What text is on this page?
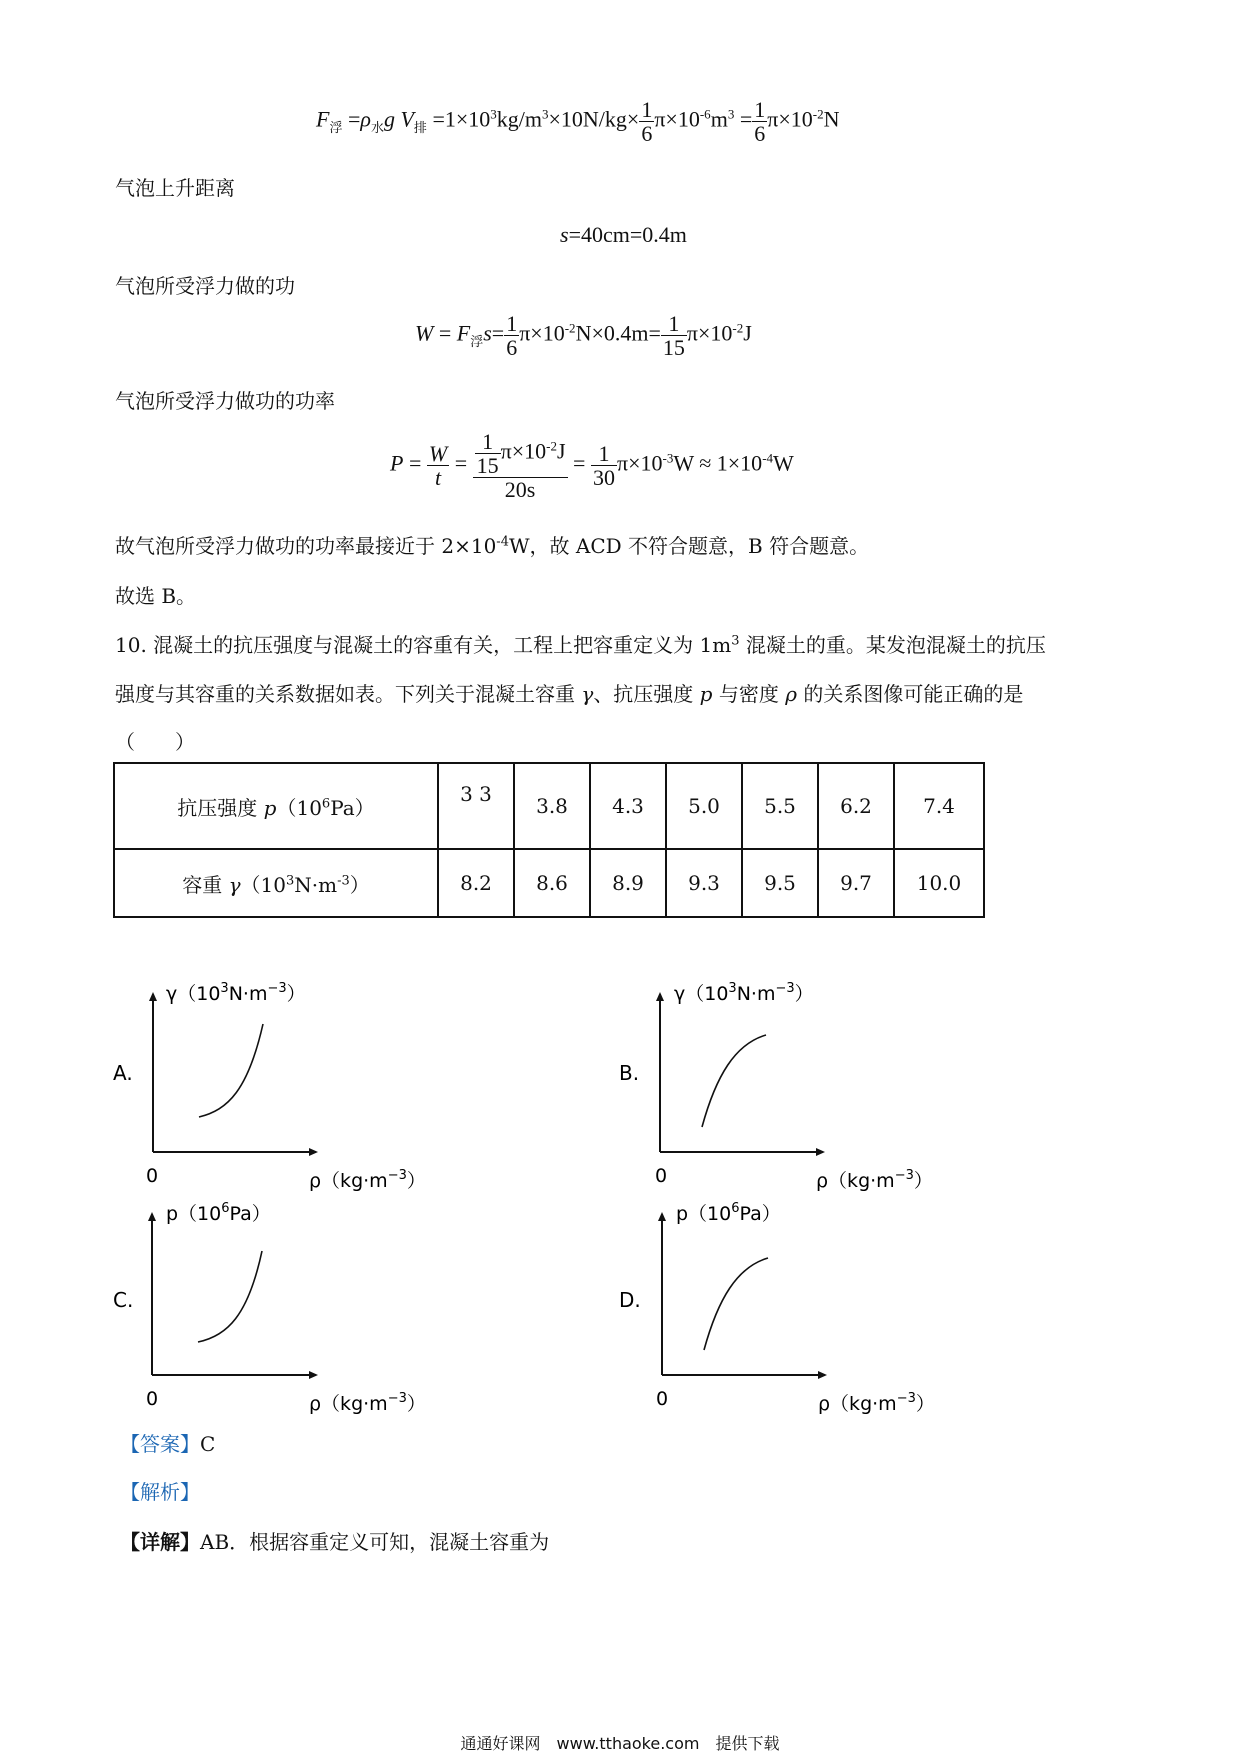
$F_浮 =\rho_水g$ $V_排 =1\times 10^3kg/m^3\times 10N/kg\times \frac{1}{6} \pi\times 10^{-6}m^3 = \frac{1}{6} \pi\times 10^{-2}N$
气泡上升距离
s=40cm=0.4m
气泡所受浮力做的功
$W = F_浮s= \frac{1}{6} \pi\times 10^{-2}N\times 0.4m= \frac{1}{15} \pi\times 10^{-2}J$
气泡所受浮力做功的功率
$P = \frac{W}{t} = \frac{\frac{1}{15} \pi\times 10^{-2}J}{20s} = \frac{1}{30} \pi\times 10^{-3}W \approx 1\times 10^{-4}W$
故气泡所受浮力做功的功率最接近于 $2\times 10^{-4}W$，故 ACD 不符合题意，B 符合题意。
故选 B。
10. 混凝土的抗压强度与混凝土的容重有关，工程上把容重定义为 $1m^3$ 混凝土的重。某发泡混凝土的抗压
强度与其容重的关系数据如表。下列关于混凝土容重 γ、抗压强度 p 与密度 ρ 的关系图像可能正确的是
（　　）
抗压强度 $p(10^6Pa)$	3 3	3.8	4.3	5.0	5.5	6.2	7.4
容重 $\gamma(10^3N\cdot m^{-3})$	8.2	8.6	8.9	9.3	9.5	9.7	10.0
A.
$\gamma(10^3N\cdot m^{-3})$
0	$\rho(kg\cdot m^{-3})$
B.
$\gamma(10^3N\cdot m^{-3})$
0	$\rho(kg\cdot m^{-3})$
C.
$p(10^6Pa)$
0	$\rho(kg\cdot m^{-3})$
D.
$p(10^6Pa)$
0	$\rho(kg\cdot m^{-3})$
【答案】C
【解析】
【详解】AB．根据容重定义可知，混凝土容重为
通通好课网　www.tthaoke.com　提供下载
